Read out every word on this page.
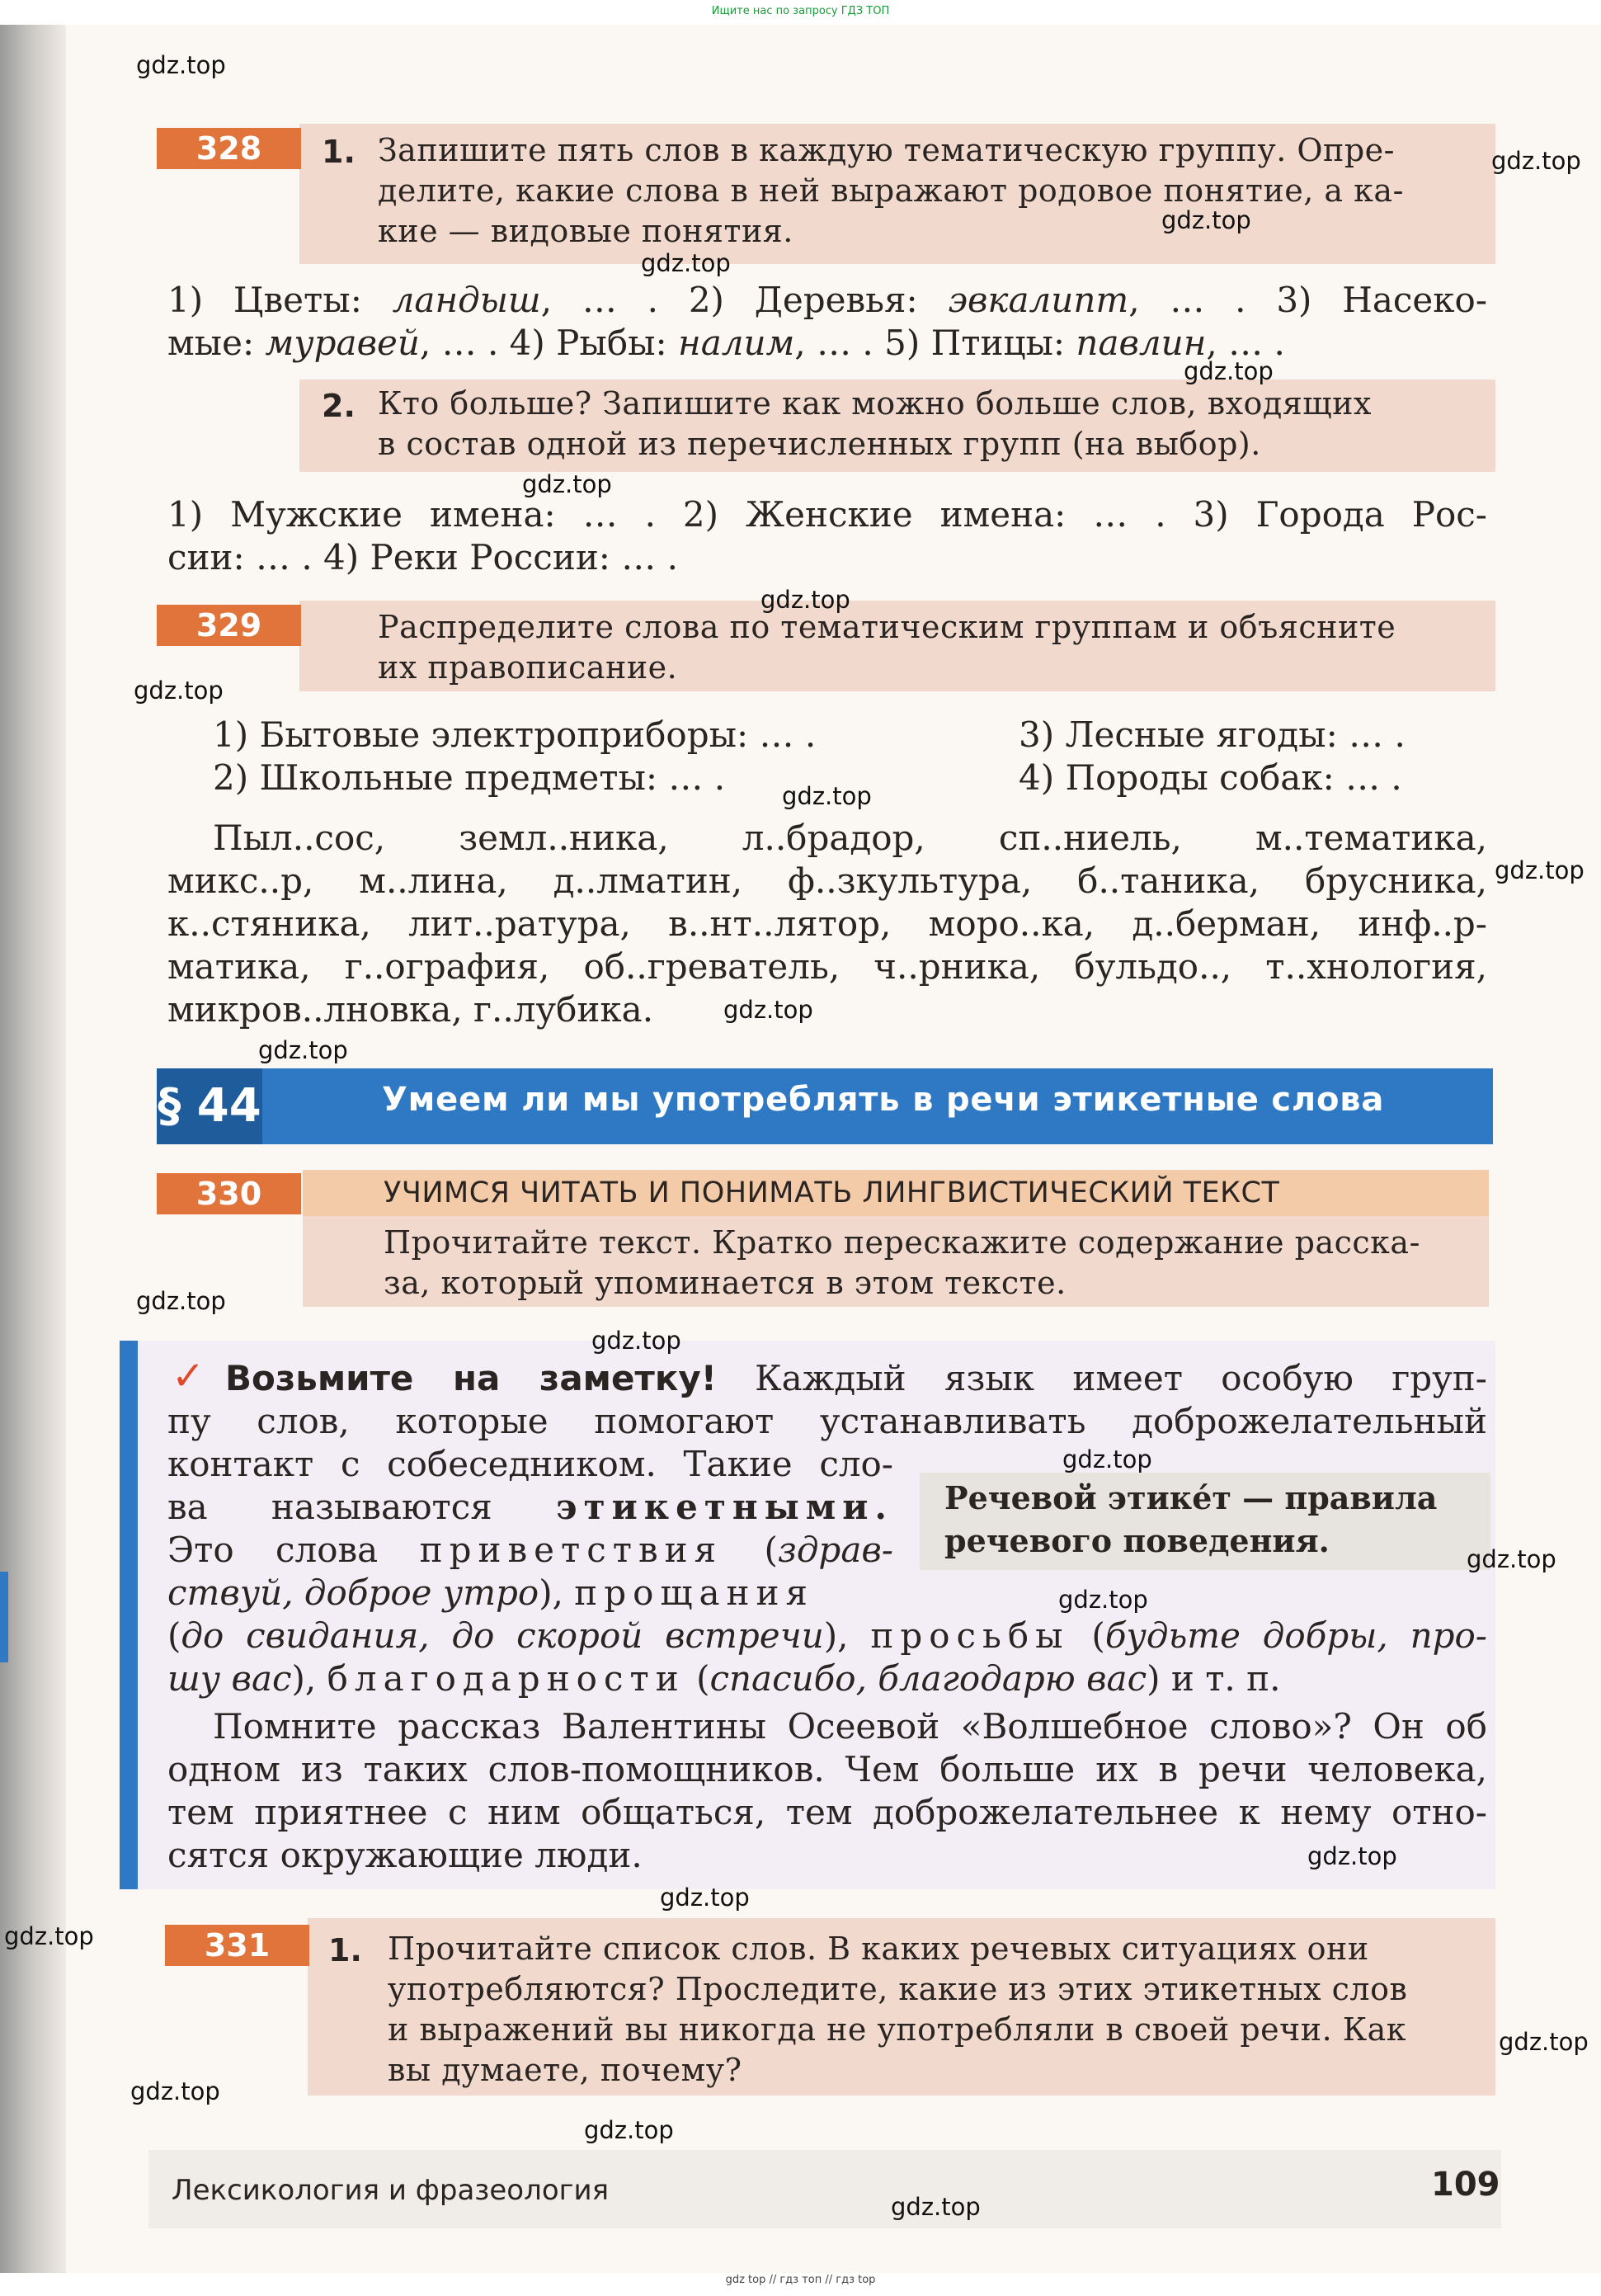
Ищите нас по запросу ГДЗ ТОП
328	1. Запишите пять слов в каждую тематическую группу. Опре-
делите, какие слова в ней выражают родовое понятие, а ка-
кие — видовые понятия.
1) Цветы: ландыш, … . 2) Деревья: эвкалипт, … . 3) Насеко-
мые: муравей, … . 4) Рыбы: налим, … . 5) Птицы: павлин, … .
2. Кто больше? Запишите как можно больше слов, входящих
в состав одной из перечисленных групп (на выбор).
1) Мужские имена: … . 2) Женские имена: … . 3) Города Рос-
сии: … . 4) Реки России: … .
329	Распределите слова по тематическим группам и объясните
их правописание.
1) Бытовые электроприборы: … .
2) Школьные предметы: … .
3) Лесные ягоды: … .
4) Породы собак: … .
Пыл..сос, земл..ника, л..брадор, сп..ниель, м..тематика,
микс..р, м..лина, д..лматин, ф..зкультура, б..таника, брусника,
к..стяника, лит..ратура, в..нт..лятор, моро..ка, д..берман, инф..р-
матика, г..ография, об..греватель, ч..рника, бульдо.., т..хнология,
микров..лновка, г..лубика.
§ 44	Умеем ли мы употреблять в речи этикетные слова
330	УЧИМСЯ ЧИТАТЬ И ПОНИМАТЬ ЛИНГВИСТИЧЕСКИЙ ТЕКСТ
Прочитайте текст. Кратко перескажите содержание расска-
за, который упоминается в этом тексте.
✓
Речевой этикéт — правила
речевого поведения.
Возьмите на заметку! Каждый язык имеет особую груп-
пу слов, которые помогают устанавливать доброжелательный
контакт с собеседником. Такие сло-
ва называются этикетными.
Это слова приветствия (здрав-
ствуй, доброе утро), прощания
(до свидания, до скорой встречи), просьбы (будьте добры, про-
шу вас), благодарности (спасибо, благодарю вас) и т. п.
Помните рассказ Валентины Осеевой «Волшебное слово»? Он об
одном из таких слов-помощников. Чем больше их в речи человека,
тем приятнее с ним общаться, тем доброжелательнее к нему отно-
сятся окружающие люди.
331	1. Прочитайте список слов. В каких речевых ситуациях они
употребляются? Проследите, какие из этих этикетных слов
и выражений вы никогда не употребляли в своей речи. Как
вы думаете, почему?
Лексикология и фразеология	109
gdz.top
gdz.top
gdz.top
gdz.top
gdz.top
gdz.top
gdz.top
gdz.top
gdz.top
gdz.top
gdz.top
gdz.top
gdz.top
gdz.top
gdz.top
gdz.top
gdz.top
gdz.top
gdz.top
gdz.top
gdz.top
gdz.top
gdz.top
gdz.top
gdz top // гдз топ // гдз top
